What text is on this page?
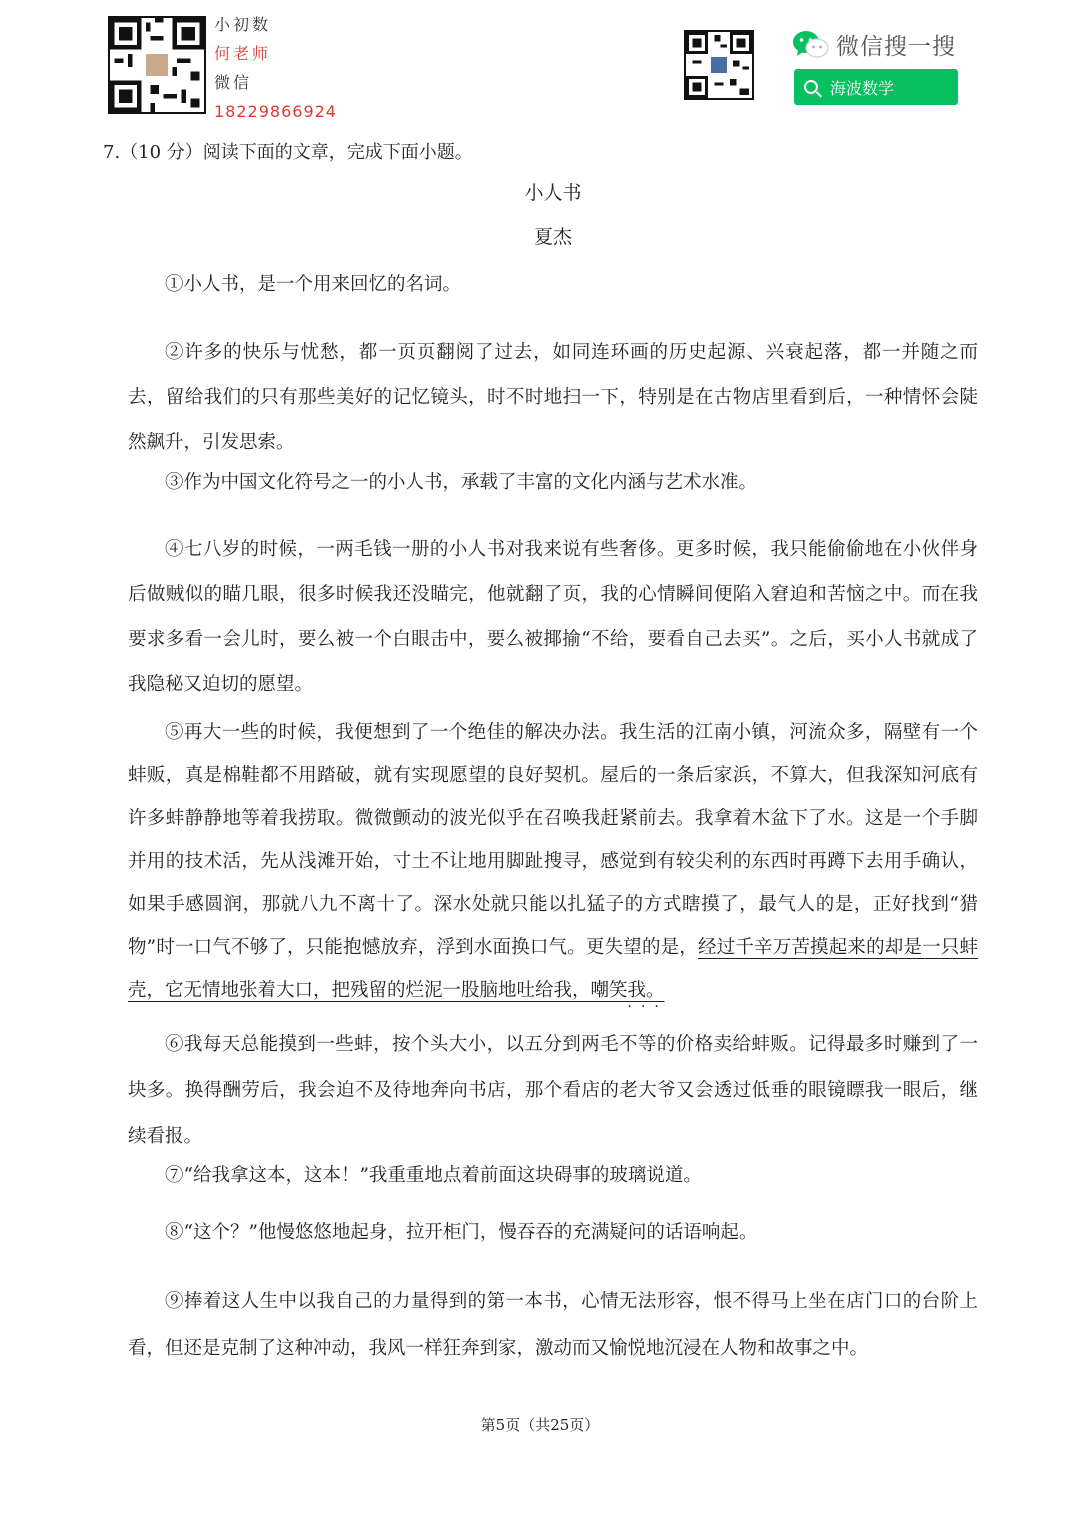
小初数
何老师
微信
18229866924
微信搜一搜
海波数学
7.（10 分）阅读下面的文章，完成下面小题。
小人书
夏杰
①小人书，是一个用来回忆的名词。
②许多的快乐与忧愁，都一页页翻阅了过去，如同连环画的历史起源、兴衰起落，都一并随之而去，留给我们的只有那些美好的记忆镜头，时不时地扫一下，特别是在古物店里看到后，一种情怀会陡然飙升，引发思索。
③作为中国文化符号之一的小人书，承载了丰富的文化内涵与艺术水准。
④七八岁的时候，一两毛钱一册的小人书对我来说有些奢侈。更多时候，我只能偷偷地在小伙伴身后做贼似的瞄几眼，很多时候我还没瞄完，他就翻了页，我的心情瞬间便陷入窘迫和苦恼之中。而在我要求多看一会儿时，要么被一个白眼击中，要么被揶揄“不给，要看自己去买”。之后，买小人书就成了我隐秘又迫切的愿望。
⑤再大一些的时候，我便想到了一个绝佳的解决办法。我生活的江南小镇，河流众多，隔壁有一个蚌贩，真是棉鞋都不用踏破，就有实现愿望的良好契机。屋后的一条后家浜，不算大，但我深知河底有许多蚌静静地等着我捞取。微微颤动的波光似乎在召唤我赶紧前去。我拿着木盆下了水。这是一个手脚并用的技术活，先从浅滩开始，寸土不让地用脚趾搜寻，感觉到有较尖利的东西时再蹲下去用手确认，如果手感圆润，那就八九不离十了。深水处就只能以扎猛子的方式瞎摸了，最气人的是，正好找到“猎物”时一口气不够了，只能抱憾放弃，浮到水面换口气。更失望的是，经过千辛万苦摸起来的却是一只蚌壳，它无情地张着大口，把残留的烂泥一股脑地吐给我，嘲笑我
···
。
⑥我每天总能摸到一些蚌，按个头大小，以五分到两毛不等的价格卖给蚌贩。记得最多时赚到了一块多。换得酬劳后，我会迫不及待地奔向书店，那个看店的老大爷又会透过低垂的眼镜瞟我一眼后，继续看报。
⑦“给我拿这本，这本！”我重重地点着前面这块碍事的玻璃说道。
⑧“这个？”他慢悠悠地起身，拉开柜门，慢吞吞的充满疑问的话语响起。
⑨捧着这人生中以我自己的力量得到的第一本书，心情无法形容，恨不得马上坐在店门口的台阶上看，但还是克制了这种冲动，我风一样狂奔到家，激动而又愉悦地沉浸在人物和故事之中。
第5页（共25页）
